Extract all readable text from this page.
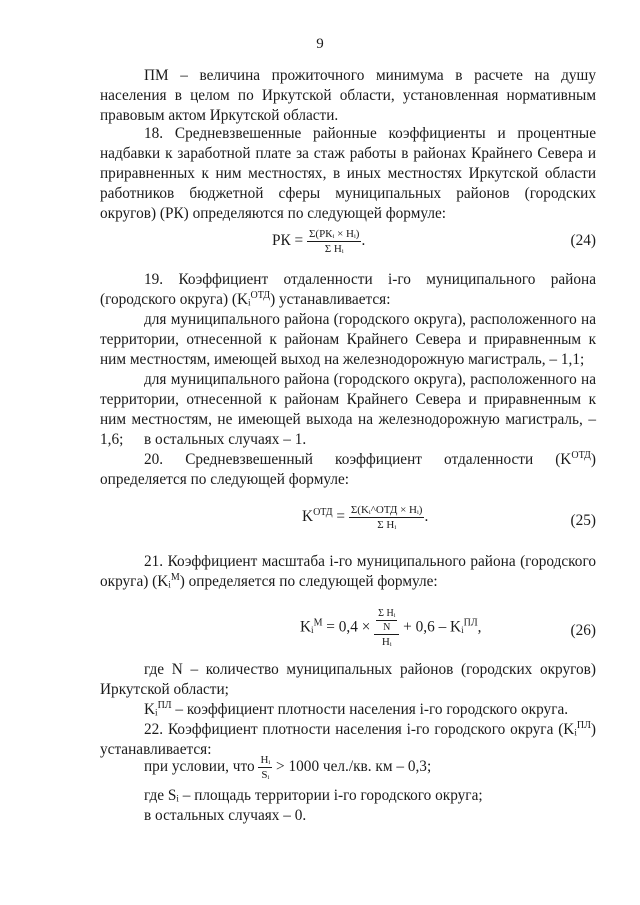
9

ПМ – величина прожиточного минимума в расчете на душу населения в целом по Иркутской области, установленная нормативным правовым актом Иркутской области.

18. Средневзвешенные районные коэффициенты и процентные надбавки к заработной плате за стаж работы в районах Крайнего Севера и приравненных к ним местностях, в иных местностях Иркутской области работников бюджетной сферы муниципальных районов (городских округов) (РК) определяются по следующей формуле:

РК = $\frac{\text{Σ(РКᵢ × Нᵢ)}}{\text{Σ Нᵢ}}$ .	(24)

19. Коэффициент отдаленности i-го муниципального района (городского округа) (Kᵢ$^{ОТД}$) устанавливается:

для муниципального района (городского округа), расположенного на территории, отнесенной к районам Крайнего Севера и приравненным к ним местностям, имеющей выход на железнодорожную магистраль, – 1,1;

для муниципального района (городского округа), расположенного на территории, отнесенной к районам Крайнего Севера и приравненным к ним местностям, не имеющей выхода на железнодорожную магистраль, – 1,6;	в остальных случаях – 1.

20. Средневзвешенный коэффициент отдаленности $(K^{ОТД})$ определяется по следующей формуле:

$K^{ОТД} = \frac{\text{Σ(Kᵢ\textasciicircum{}ОТД × Нᵢ)}}{\text{Σ Нᵢ}}$ .	(25)

21. Коэффициент масштаба i-го муниципального района (городского округа) (Kᵢ$^М$) определяется по следующей формуле:

Kᵢ$^М$ = $0,4 \times \frac{\frac{\text{Σ Нᵢ}}{N}}{\text{Нᵢ}} + 0,6$ – Kᵢ$^{ПЛ}$,	(26)

где N – количество муниципальных районов (городских округов) Иркутской области;

Kᵢ$^{ПЛ}$ – коэффициент плотности населения i-го городского округа.

22. Коэффициент плотности населения i-го городского округа (Kᵢ$^{ПЛ}$) устанавливается:

при условии, что $\frac{\text{Нᵢ}}{\text{Sᵢ}} > 1000$ чел./кв. км – 0,3;

где Sᵢ – площадь территории i-го городского округа;

в остальных случаях – 0.
